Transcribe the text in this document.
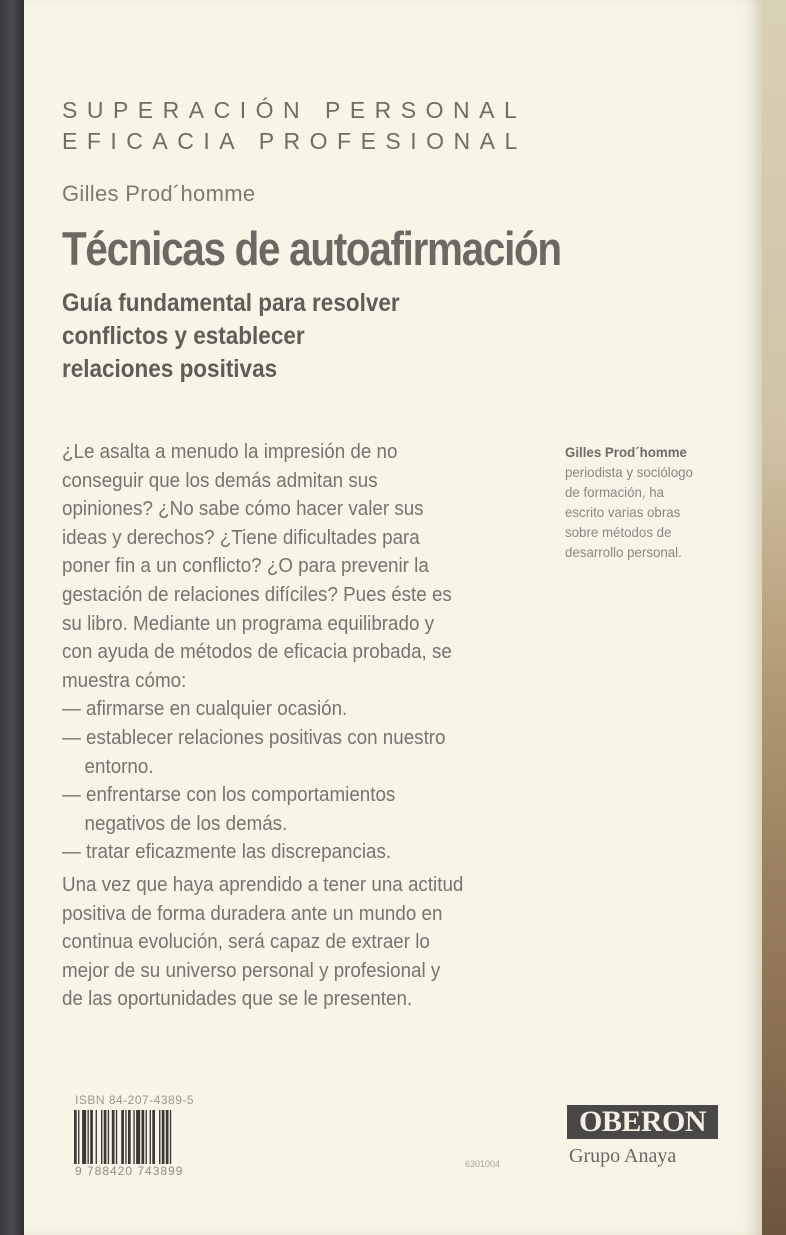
SUPERACIÓN PERSONAL
EFICACIA PROFESIONAL
Gilles Prod´homme
Técnicas de autoafirmación
Guía fundamental para resolver
conflictos y establecer
relaciones positivas
¿Le asalta a menudo la impresión de no
conseguir que los demás admitan sus
opiniones? ¿No sabe cómo hacer valer sus
ideas y derechos? ¿Tiene dificultades para
poner fin a un conflicto? ¿O para prevenir la
gestación de relaciones difíciles? Pues éste es
su libro. Mediante un programa equilibrado y
con ayuda de métodos de eficacia probada, se
muestra cómo:
— afirmarse en cualquier ocasión.
— establecer relaciones positivas con nuestro
entorno.
— enfrentarse con los comportamientos
negativos de los demás.
— tratar eficazmente las discrepancias.
Una vez que haya aprendido a tener una actitud
positiva de forma duradera ante un mundo en
continua evolución, será capaz de extraer lo
mejor de su universo personal y profesional y
de las oportunidades que se le presenten.
Gilles Prod´homme
periodista y sociólogo
de formación, ha
escrito varias obras
sobre métodos de
desarrollo personal.
ISBN 84-207-4389-5
9 788420 743899	6301004
OBERON
Grupo Anaya
